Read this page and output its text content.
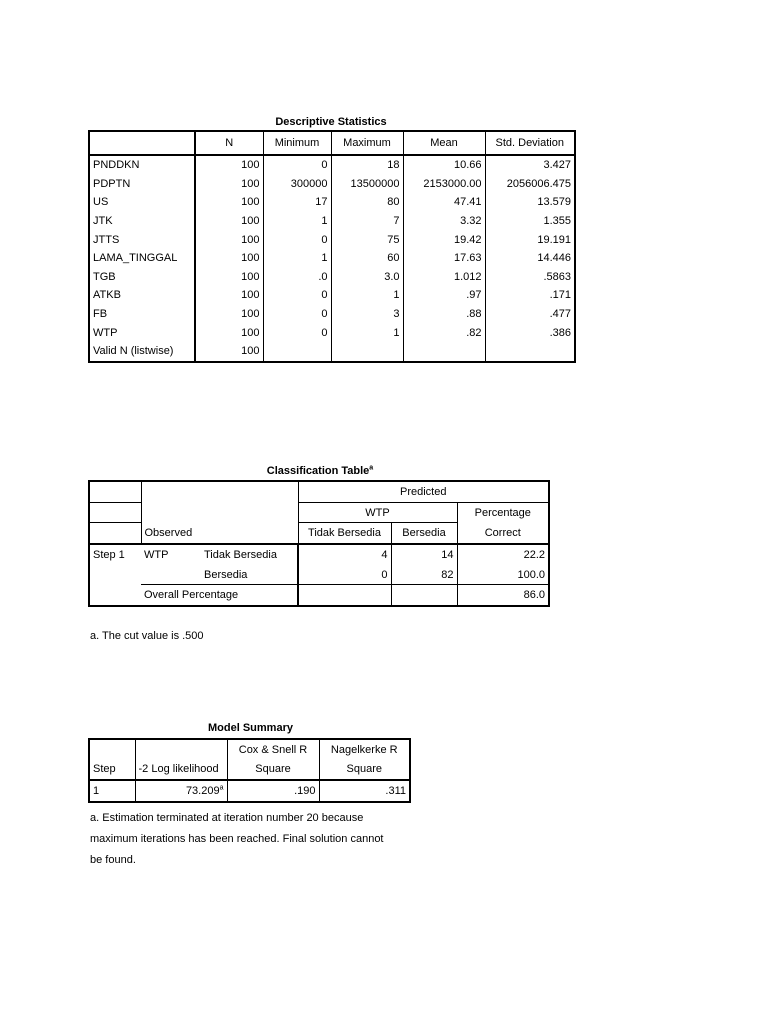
Descriptive Statistics
	N	Minimum	Maximum	Mean	Std. Deviation
PNDDKN	100	0	18	10.66	3.427
PDPTN	100	300000	13500000	2153000.00	2056006.475
US	100	17	80	47.41	13.579
JTK	100	1	7	3.32	1.355
JTTS	100	0	75	19.42	19.191
LAMA_TINGGAL	100	1	60	17.63	14.446
TGB	100	.0	3.0	1.012	.5863
ATKB	100	0	1	.97	.171
FB	100	0	3	.88	.477
WTP	100	0	1	.82	.386
Valid N (listwise)	100				
Classification Table$^a$
			Predicted		
			WTP		Percentage
	Observed		Tidak Bersedia	Bersedia	Correct
Step 1	WTP	Tidak Bersedia	4	14	22.2
		Bersedia	0	82	100.0
	Overall Percentage				86.0
a. The cut value is .500
Model Summary
		Cox & Snell R	Nagelkerke R
Step	-2 Log likelihood	Square	Square
1	73.209$^a$	.190	.311
a. Estimation terminated at iteration number 20 because
maximum iterations has been reached. Final solution cannot
be found.
